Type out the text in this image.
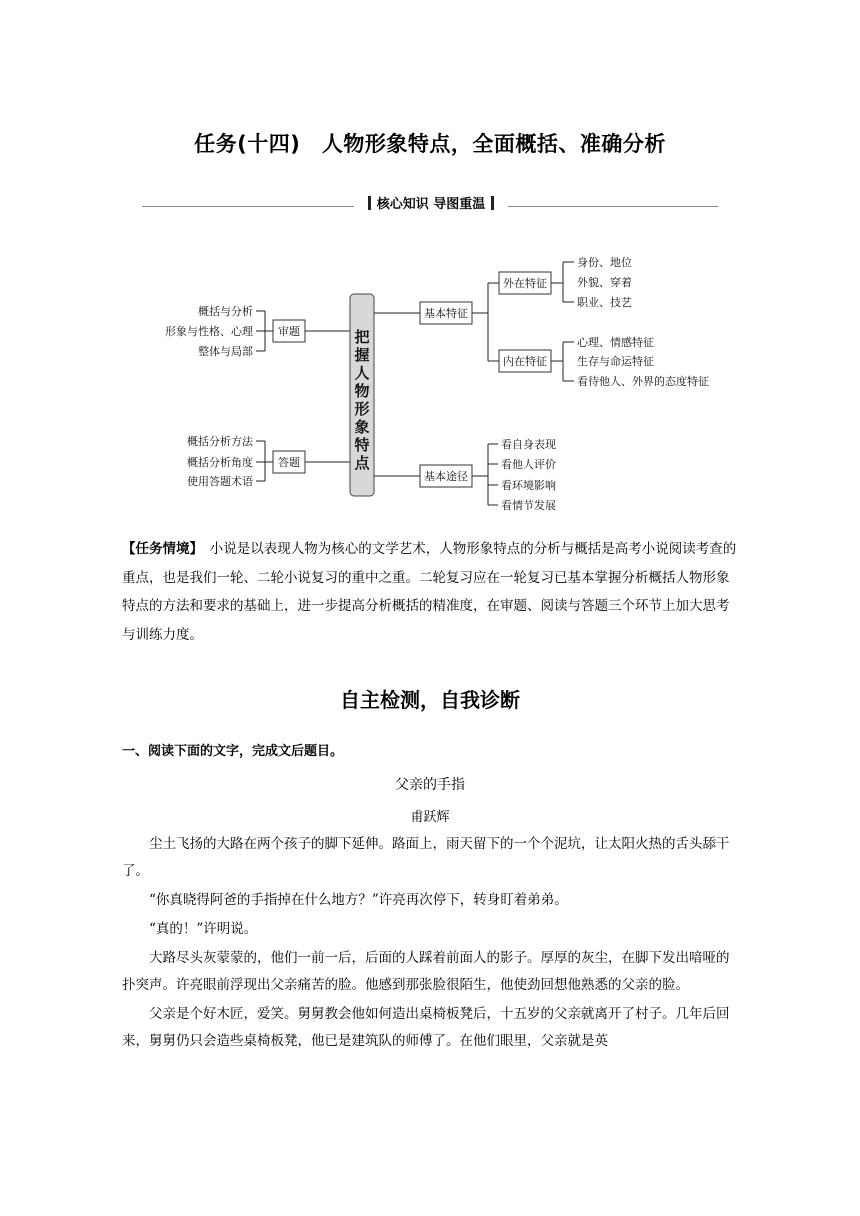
任务(十四)　人物形象特点，全面概括、准确分析
核心知识 导图重温
把
握
人
物
形
象
特
点
审题
答题
基本特征
外在特征
内在特征
基本途径
概括与分析
形象与性格、心理
整体与局部
概括分析方法
概括分析角度
使用答题术语
身份、地位
外貌、穿着
职业、技艺
心理、情感特征
生存与命运特征
看待他人、外界的态度特征
看自身表现
看他人评价
看环境影响
看情节发展
【任务情境】　小说是以表现人物为核心的文学艺术，人物形象特点的分析与概括是高考小说阅读考查的重点，也是我们一轮、二轮小说复习的重中之重。二轮复习应在一轮复习已基本掌握分析概括人物形象特点的方法和要求的基础上，进一步提高分析概括的精准度，在审题、阅读与答题三个环节上加大思考与训练力度。
自主检测，自我诊断
一、阅读下面的文字，完成文后题目。
父亲的手指
甫跃辉

尘土飞扬的大路在两个孩子的脚下延伸。路面上，雨天留下的一个个泥坑，让太阳火热的舌头舔干了。

“你真晓得阿爸的手指掉在什么地方？”许亮再次停下，转身盯着弟弟。

“真的！”许明说。

大路尽头灰蒙蒙的，他们一前一后，后面的人踩着前面人的影子。厚厚的灰尘，在脚下发出喑哑的扑突声。许亮眼前浮现出父亲痛苦的脸。他感到那张脸很陌生，他使劲回想他熟悉的父亲的脸。

父亲是个好木匠，爱笑。舅舅教会他如何造出桌椅板凳后，十五岁的父亲就离开了村子。几年后回来，舅舅仍只会造些桌椅板凳，他已是建筑队的师傅了。在他们眼里，父亲就是英
